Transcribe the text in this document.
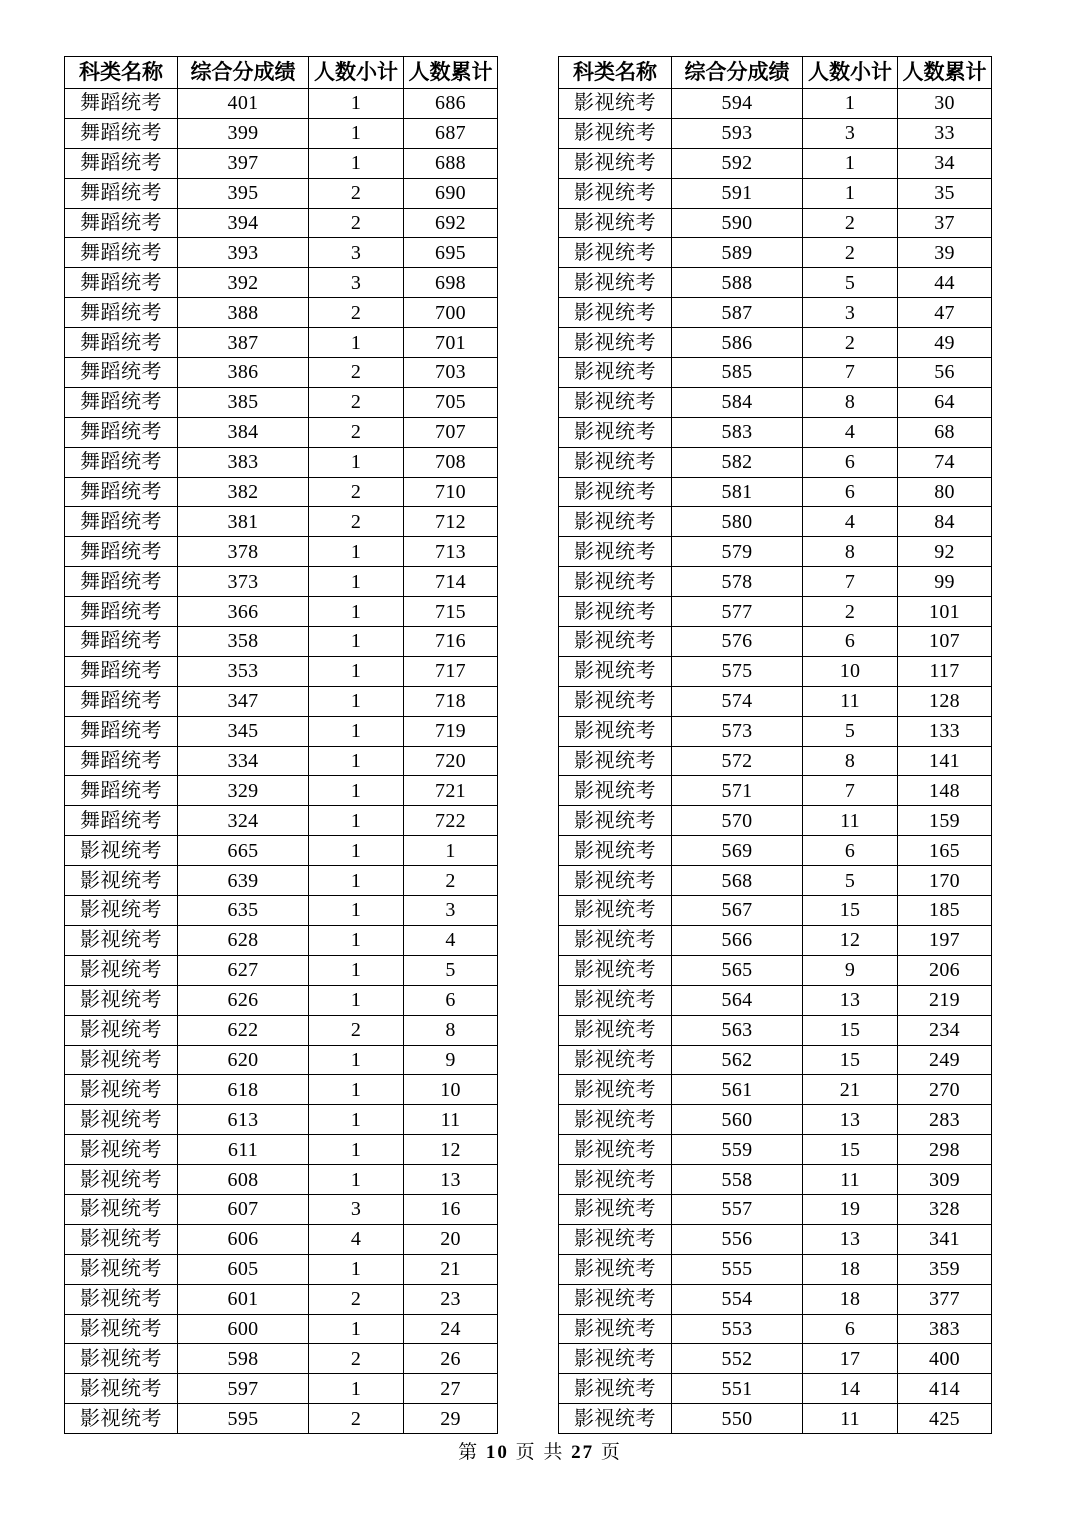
科类名称	综合分成绩	人数小计	人数累计
舞蹈统考	401	1	686
舞蹈统考	399	1	687
舞蹈统考	397	1	688
舞蹈统考	395	2	690
舞蹈统考	394	2	692
舞蹈统考	393	3	695
舞蹈统考	392	3	698
舞蹈统考	388	2	700
舞蹈统考	387	1	701
舞蹈统考	386	2	703
舞蹈统考	385	2	705
舞蹈统考	384	2	707
舞蹈统考	383	1	708
舞蹈统考	382	2	710
舞蹈统考	381	2	712
舞蹈统考	378	1	713
舞蹈统考	373	1	714
舞蹈统考	366	1	715
舞蹈统考	358	1	716
舞蹈统考	353	1	717
舞蹈统考	347	1	718
舞蹈统考	345	1	719
舞蹈统考	334	1	720
舞蹈统考	329	1	721
舞蹈统考	324	1	722
影视统考	665	1	1
影视统考	639	1	2
影视统考	635	1	3
影视统考	628	1	4
影视统考	627	1	5
影视统考	626	1	6
影视统考	622	2	8
影视统考	620	1	9
影视统考	618	1	10
影视统考	613	1	11
影视统考	611	1	12
影视统考	608	1	13
影视统考	607	3	16
影视统考	606	4	20
影视统考	605	1	21
影视统考	601	2	23
影视统考	600	1	24
影视统考	598	2	26
影视统考	597	1	27
影视统考	595	2	29
科类名称	综合分成绩	人数小计	人数累计
影视统考	594	1	30
影视统考	593	3	33
影视统考	592	1	34
影视统考	591	1	35
影视统考	590	2	37
影视统考	589	2	39
影视统考	588	5	44
影视统考	587	3	47
影视统考	586	2	49
影视统考	585	7	56
影视统考	584	8	64
影视统考	583	4	68
影视统考	582	6	74
影视统考	581	6	80
影视统考	580	4	84
影视统考	579	8	92
影视统考	578	7	99
影视统考	577	2	101
影视统考	576	6	107
影视统考	575	10	117
影视统考	574	11	128
影视统考	573	5	133
影视统考	572	8	141
影视统考	571	7	148
影视统考	570	11	159
影视统考	569	6	165
影视统考	568	5	170
影视统考	567	15	185
影视统考	566	12	197
影视统考	565	9	206
影视统考	564	13	219
影视统考	563	15	234
影视统考	562	15	249
影视统考	561	21	270
影视统考	560	13	283
影视统考	559	15	298
影视统考	558	11	309
影视统考	557	19	328
影视统考	556	13	341
影视统考	555	18	359
影视统考	554	18	377
影视统考	553	6	383
影视统考	552	17	400
影视统考	551	14	414
影视统考	550	11	425
第 10 页 共 27 页
